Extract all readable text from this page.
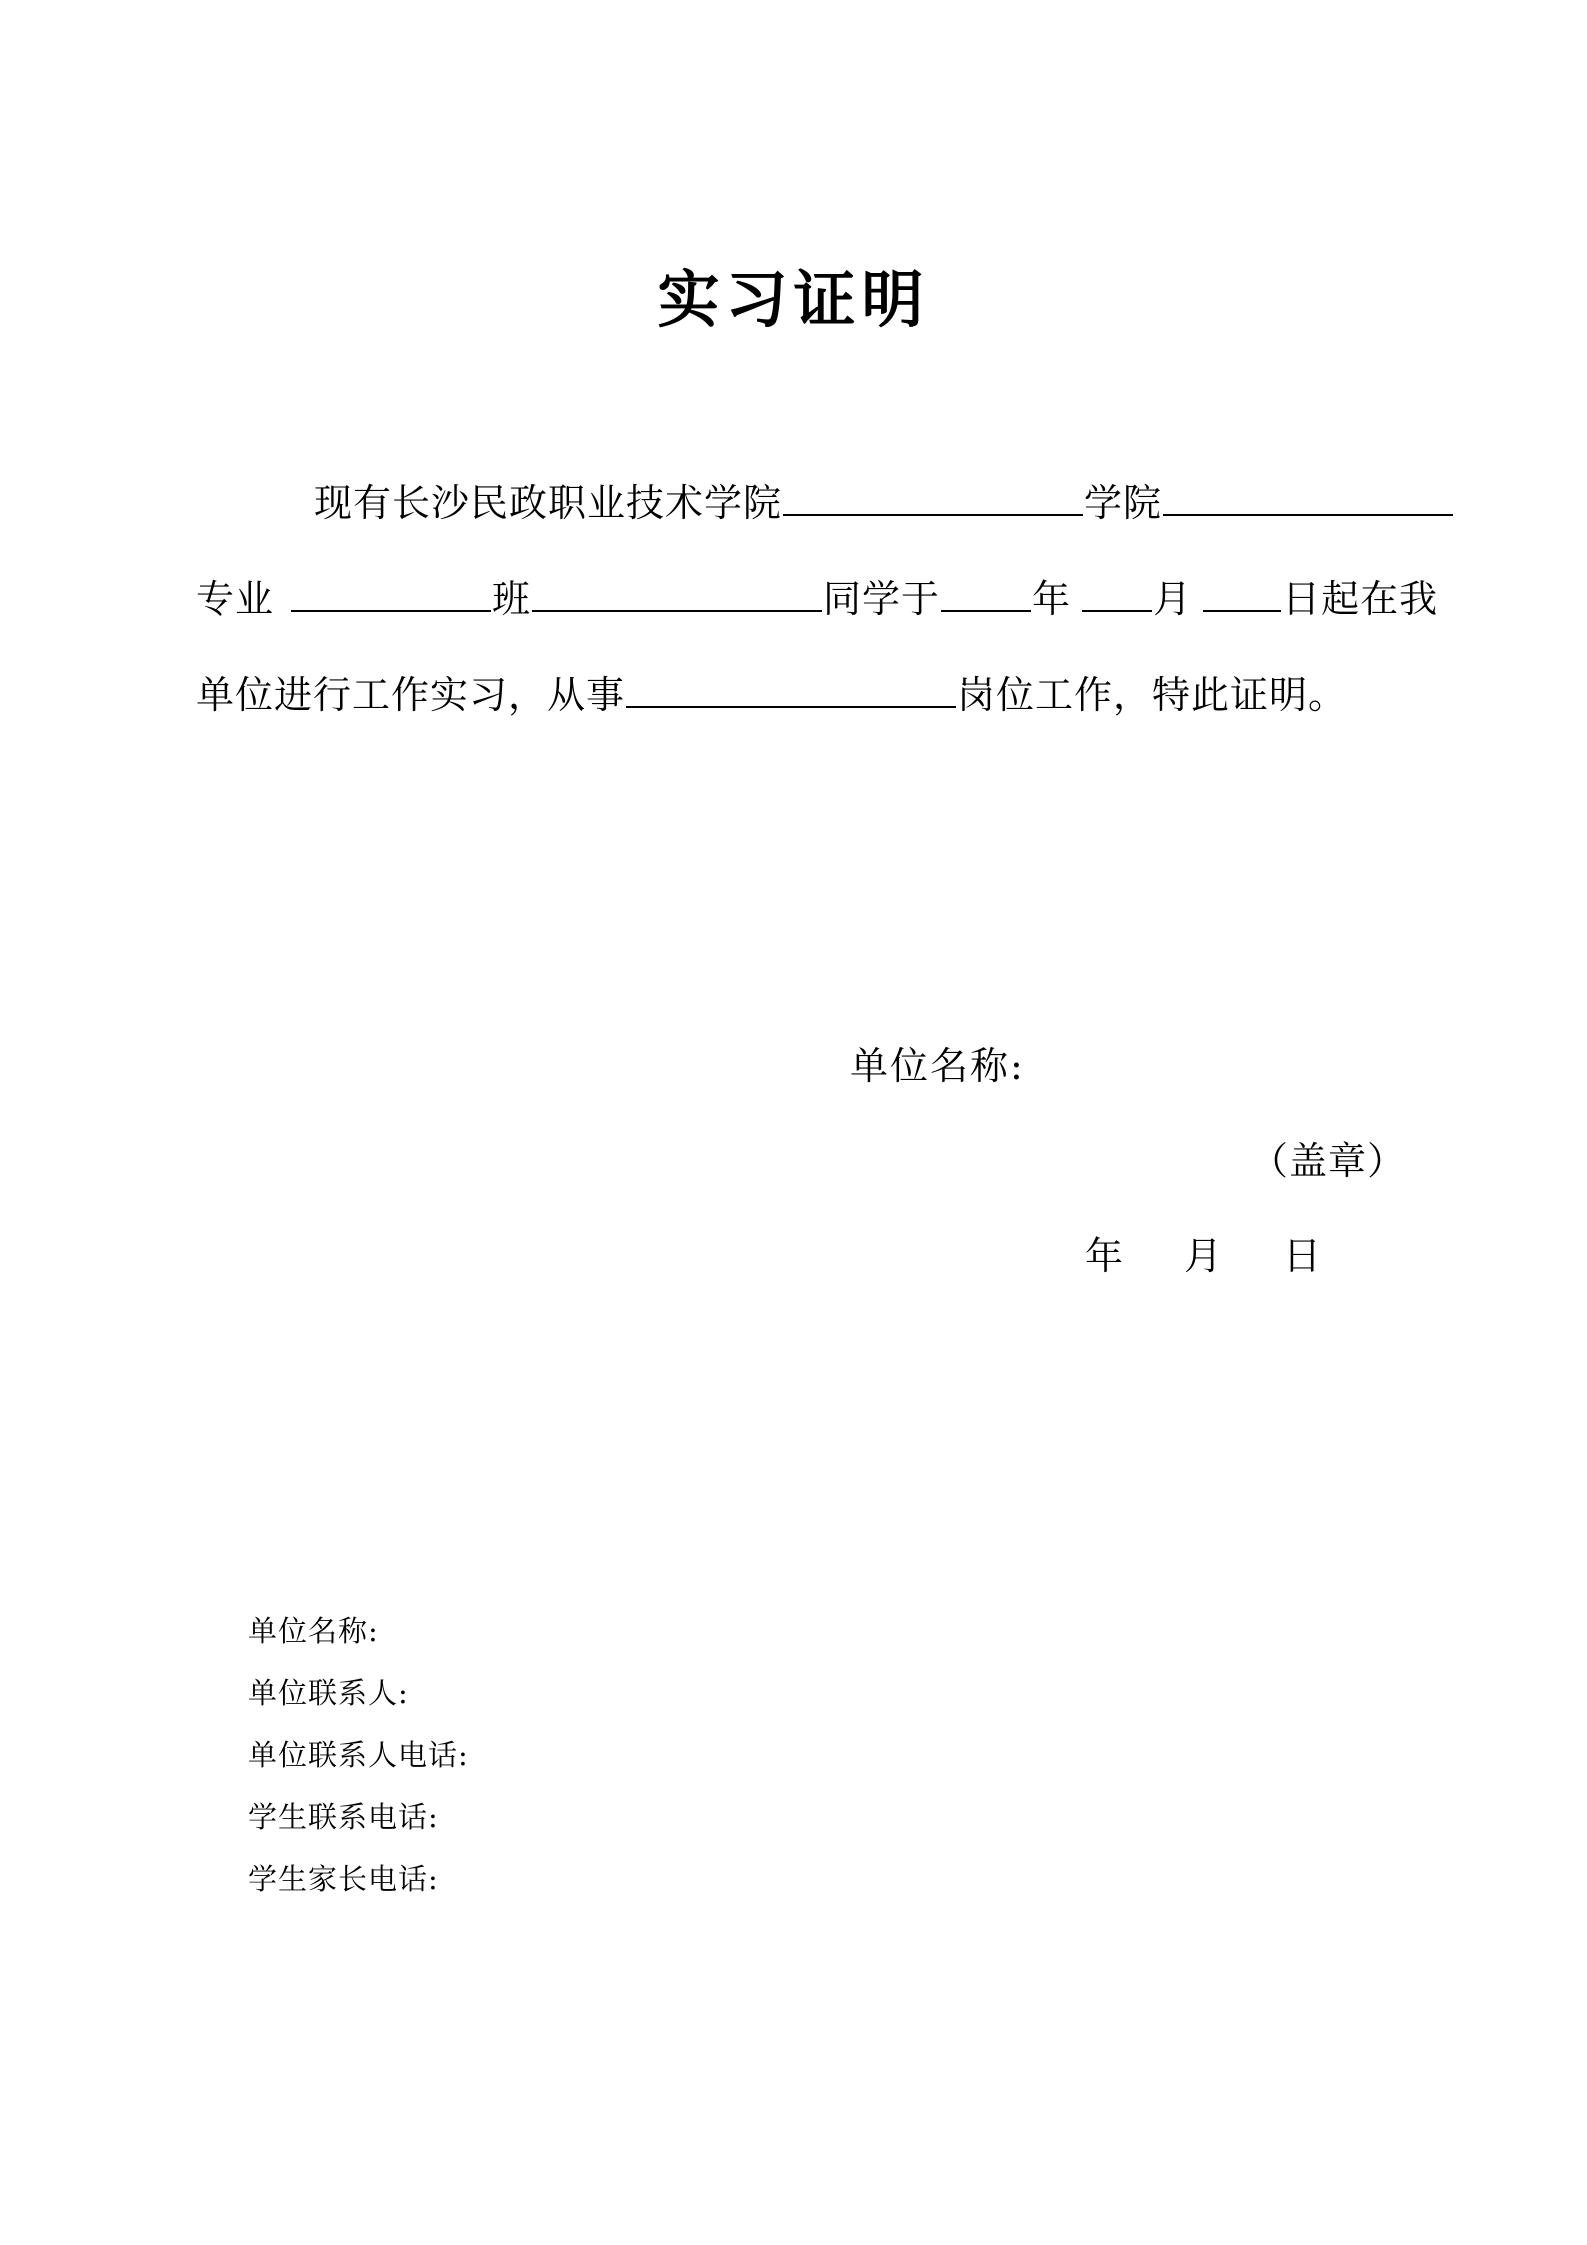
实习证明
现有长沙民政职业技术学院	学院
专业	班	同学于 年 月 日起在我
单位进行工作实习，从事	岗位工作，特此证明。
单位名称:
（盖章）
年 月 日
单位名称:
单位联系人:
单位联系人电话:
学生联系电话:
学生家长电话:
